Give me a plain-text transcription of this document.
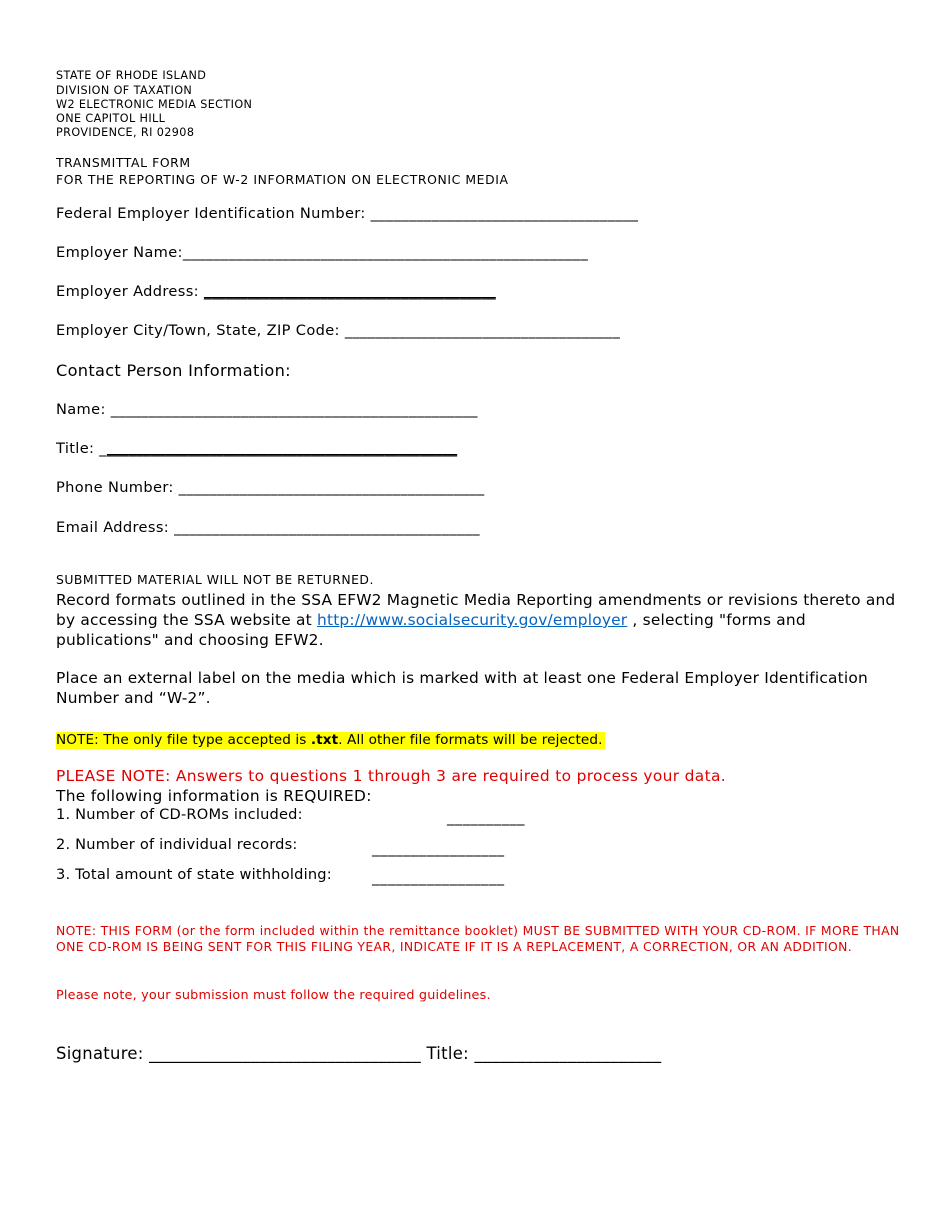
STATE OF RHODE ISLAND
DIVISION OF TAXATION
W2 ELECTRONIC MEDIA SECTION
ONE CAPITOL HILL
PROVIDENCE, RI 02908
TRANSMITTAL FORM
FOR THE REPORTING OF W-2 INFORMATION ON ELECTRONIC MEDIA
Federal Employer Identification Number: ___________________________________
Employer Name:_____________________________________________________
Employer Address: ________________________________________
Employer City/Town, State, ZIP Code: ____________________________________
Contact Person Information:
Name: ________________________________________________
Title: _________________________________________________
Phone Number: ________________________________________
Email Address: ________________________________________
SUBMITTED MATERIAL WILL NOT BE RETURNED.
Record formats outlined in the SSA EFW2 Magnetic Media Reporting amendments or revisions thereto and by accessing the SSA website at http://www.socialsecurity.gov/employer , selecting "forms and publications" and choosing EFW2.
Place an external label on the media which is marked with at least one Federal Employer Identification Number and “W-2”.
NOTE: The only file type accepted is .txt. All other file formats will be rejected.
PLEASE NOTE: Answers to questions 1 through 3 are required to process your data.
The following information is REQUIRED:
1. Number of CD-ROMs included:	__________
2. Number of individual records:	_________________
3. Total amount of state withholding:	_________________
NOTE: THIS FORM (or the form included within the remittance booklet) MUST BE SUBMITTED WITH YOUR CD-ROM. IF MORE THAN ONE CD-ROM IS BEING SENT FOR THIS FILING YEAR, INDICATE IF IT IS A REPLACEMENT, A CORRECTION, OR AN ADDITION.
Please note, your submission must follow the required guidelines.
Signature: ________________________________ Title: ______________________
